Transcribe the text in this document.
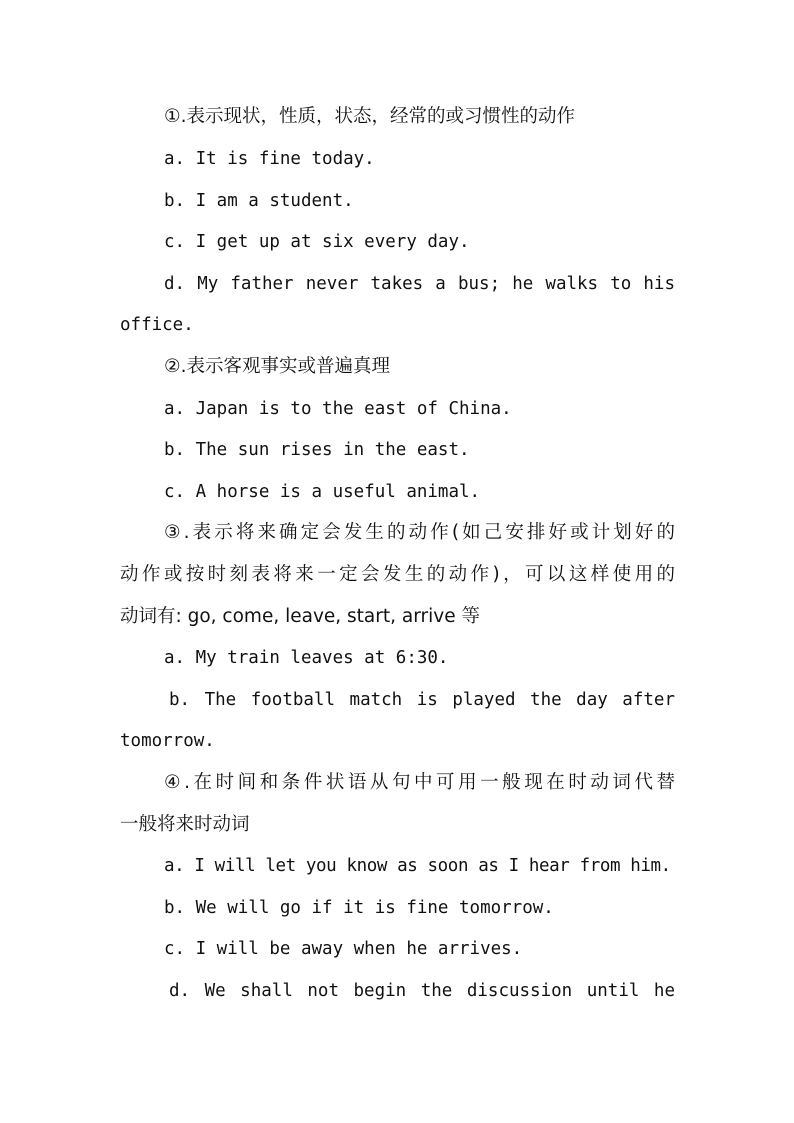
①.表示现状，性质，状态，经常的或习惯性的动作
a. It is fine today.
b. I am a student.
c. I get up at six every day.
d. My father never takes a bus; he walks to his
office.
②.表示客观事实或普遍真理
a. Japan is to the east of China.
b. The sun rises in the east.
c. A horse is a useful animal.
③.表示将来确定会发生的动作(如己安排好或计划好的
动作或按时刻表将来一定会发生的动作)，可以这样使用的
动词有: go, come, leave, start, arrive 等
a. My train leaves at 6:30.
b. The football match is played the day after
tomorrow.
④.在时间和条件状语从句中可用一般现在时动词代替
一般将来时动词
a. I will let you know as soon as I hear from him.
b. We will go if it is fine tomorrow.
c. I will be away when he arrives.
d. We shall not begin the discussion until he
